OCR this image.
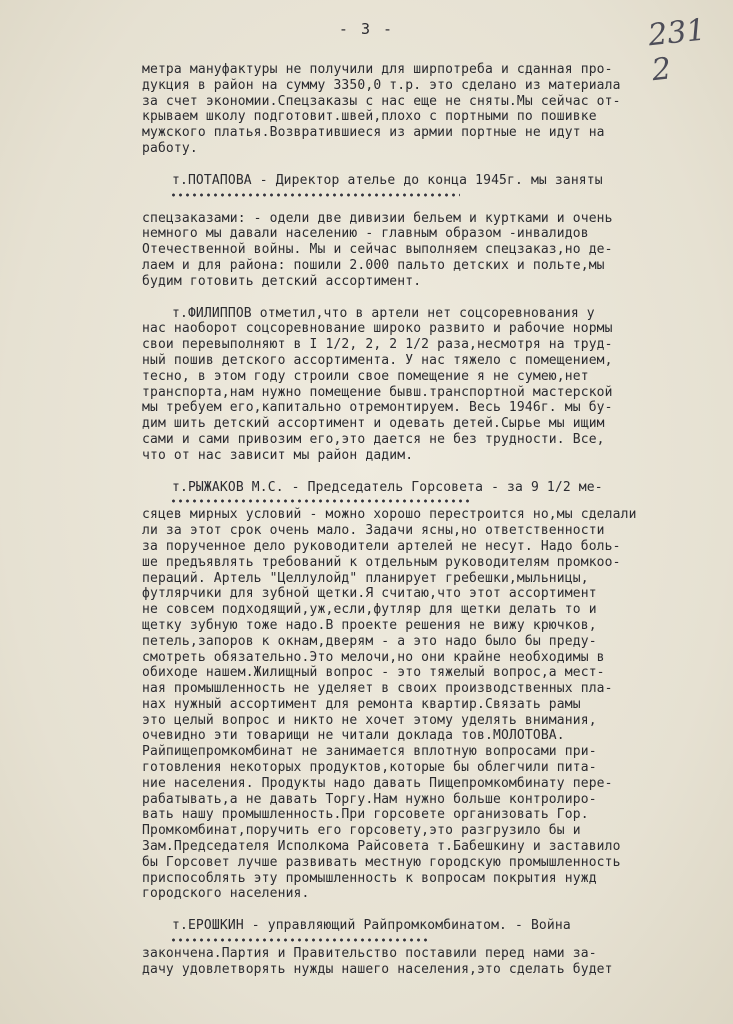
- 3 -	231 2

метра мануфактуры не получили для ширпотреба и сданная про-

дукция в район на сумму 3350,0 т.р. это сделано из материала

за счет экономии.Спецзаказы с нас еще не сняты.Мы сейчас от-

крываем школу подготовит.швей,плохо с портными по пошивке

мужского платья.Возвратившиеся из армии портные не идут на

работу.

т.ПОТАПОВА - Директор ателье до конца 1945г. мы заняты

спецзаказами: - одели две дивизии бельем и куртками и очень

немного мы давали населению - главным образом -инвалидов

Отечественной войны. Мы и сейчас выполняем спецзаказ,но де-

лаем и для района: пошили 2.000 пальто детских и польте,мы

будим готовить детский ассортимент.

т.ФИЛИППОВ отметил,что в артели нет соцсоревнования у

нас наоборот соцсоревнование широко развито и рабочие нормы

свои перевыполняют в I 1/2, 2, 2 1/2 раза,несмотря на труд-

ный пошив детского ассортимента. У нас тяжело с помещением,

тесно, в этом году строили свое помещение я не сумею,нет

транспорта,нам нужно помещение бывш.транспортной мастерской

мы требуем его,капитально отремонтируем. Весь 1946г. мы бу-

дим шить детский ассортимент и одевать детей.Сырье мы ищим

сами и сами привозим его,это дается не без трудности. Все,

что от нас зависит мы район дадим.

т.РЫЖАКОВ М.С. - Председатель Горсовета - за 9 1/2 ме-

сяцев мирных условий - можно хорошо перестроится но,мы сделали

ли за этот срок очень мало. Задачи ясны,но ответственности

за порученное дело руководители артелей не несут. Надо боль-

ше предъявлять требований к отдельным руководителям промкоо-

пераций. Артель "Целлулойд" планирует гребешки,мыльницы,

футлярчики для зубной щетки.Я считаю,что этот ассортимент

не совсем подходящий,уж,если,футляр для щетки делать то и

щетку зубную тоже надо.В проекте решения не вижу крючков,

петель,запоров к окнам,дверям - а это надо было бы преду-

смотреть обязательно.Это мелочи,но они крайне необходимы в

обиходе нашем.Жилищный вопрос - это тяжелый вопрос,а мест-

ная промышленность не уделяет в своих производственных пла-

нах нужный ассортимент для ремонта квартир.Связать рамы

это целый вопрос и никто не хочет этому уделять внимания,

очевидно эти товарищи не читали доклада тов.МОЛОТОВА.

Райпищепромкомбинат не занимается вплотную вопросами при-

готовления некоторых продуктов,которые бы облегчили пита-

ние населения. Продукты надо давать Пищепромкомбинату пере-

рабатывать,а не давать Торгу.Нам нужно больше контролиро-

вать нашу промышленность.При горсовете организовать Гор.

Промкомбинат,поручить его горсовету,это разгрузило бы и

Зам.Председателя Исполкома Райсовета т.Бабешкину и заставило

бы Горсовет лучше развивать местную городскую промышленность

приспособлять эту промышленность к вопросам покрытия нужд

городского населения.

т.ЕРОШКИН - управляющий Райпромкомбинатом. - Война

закончена.Партия и Правительство поставили перед нами за-

дачу удовлетворять нужды нашего населения,это сделать будет
